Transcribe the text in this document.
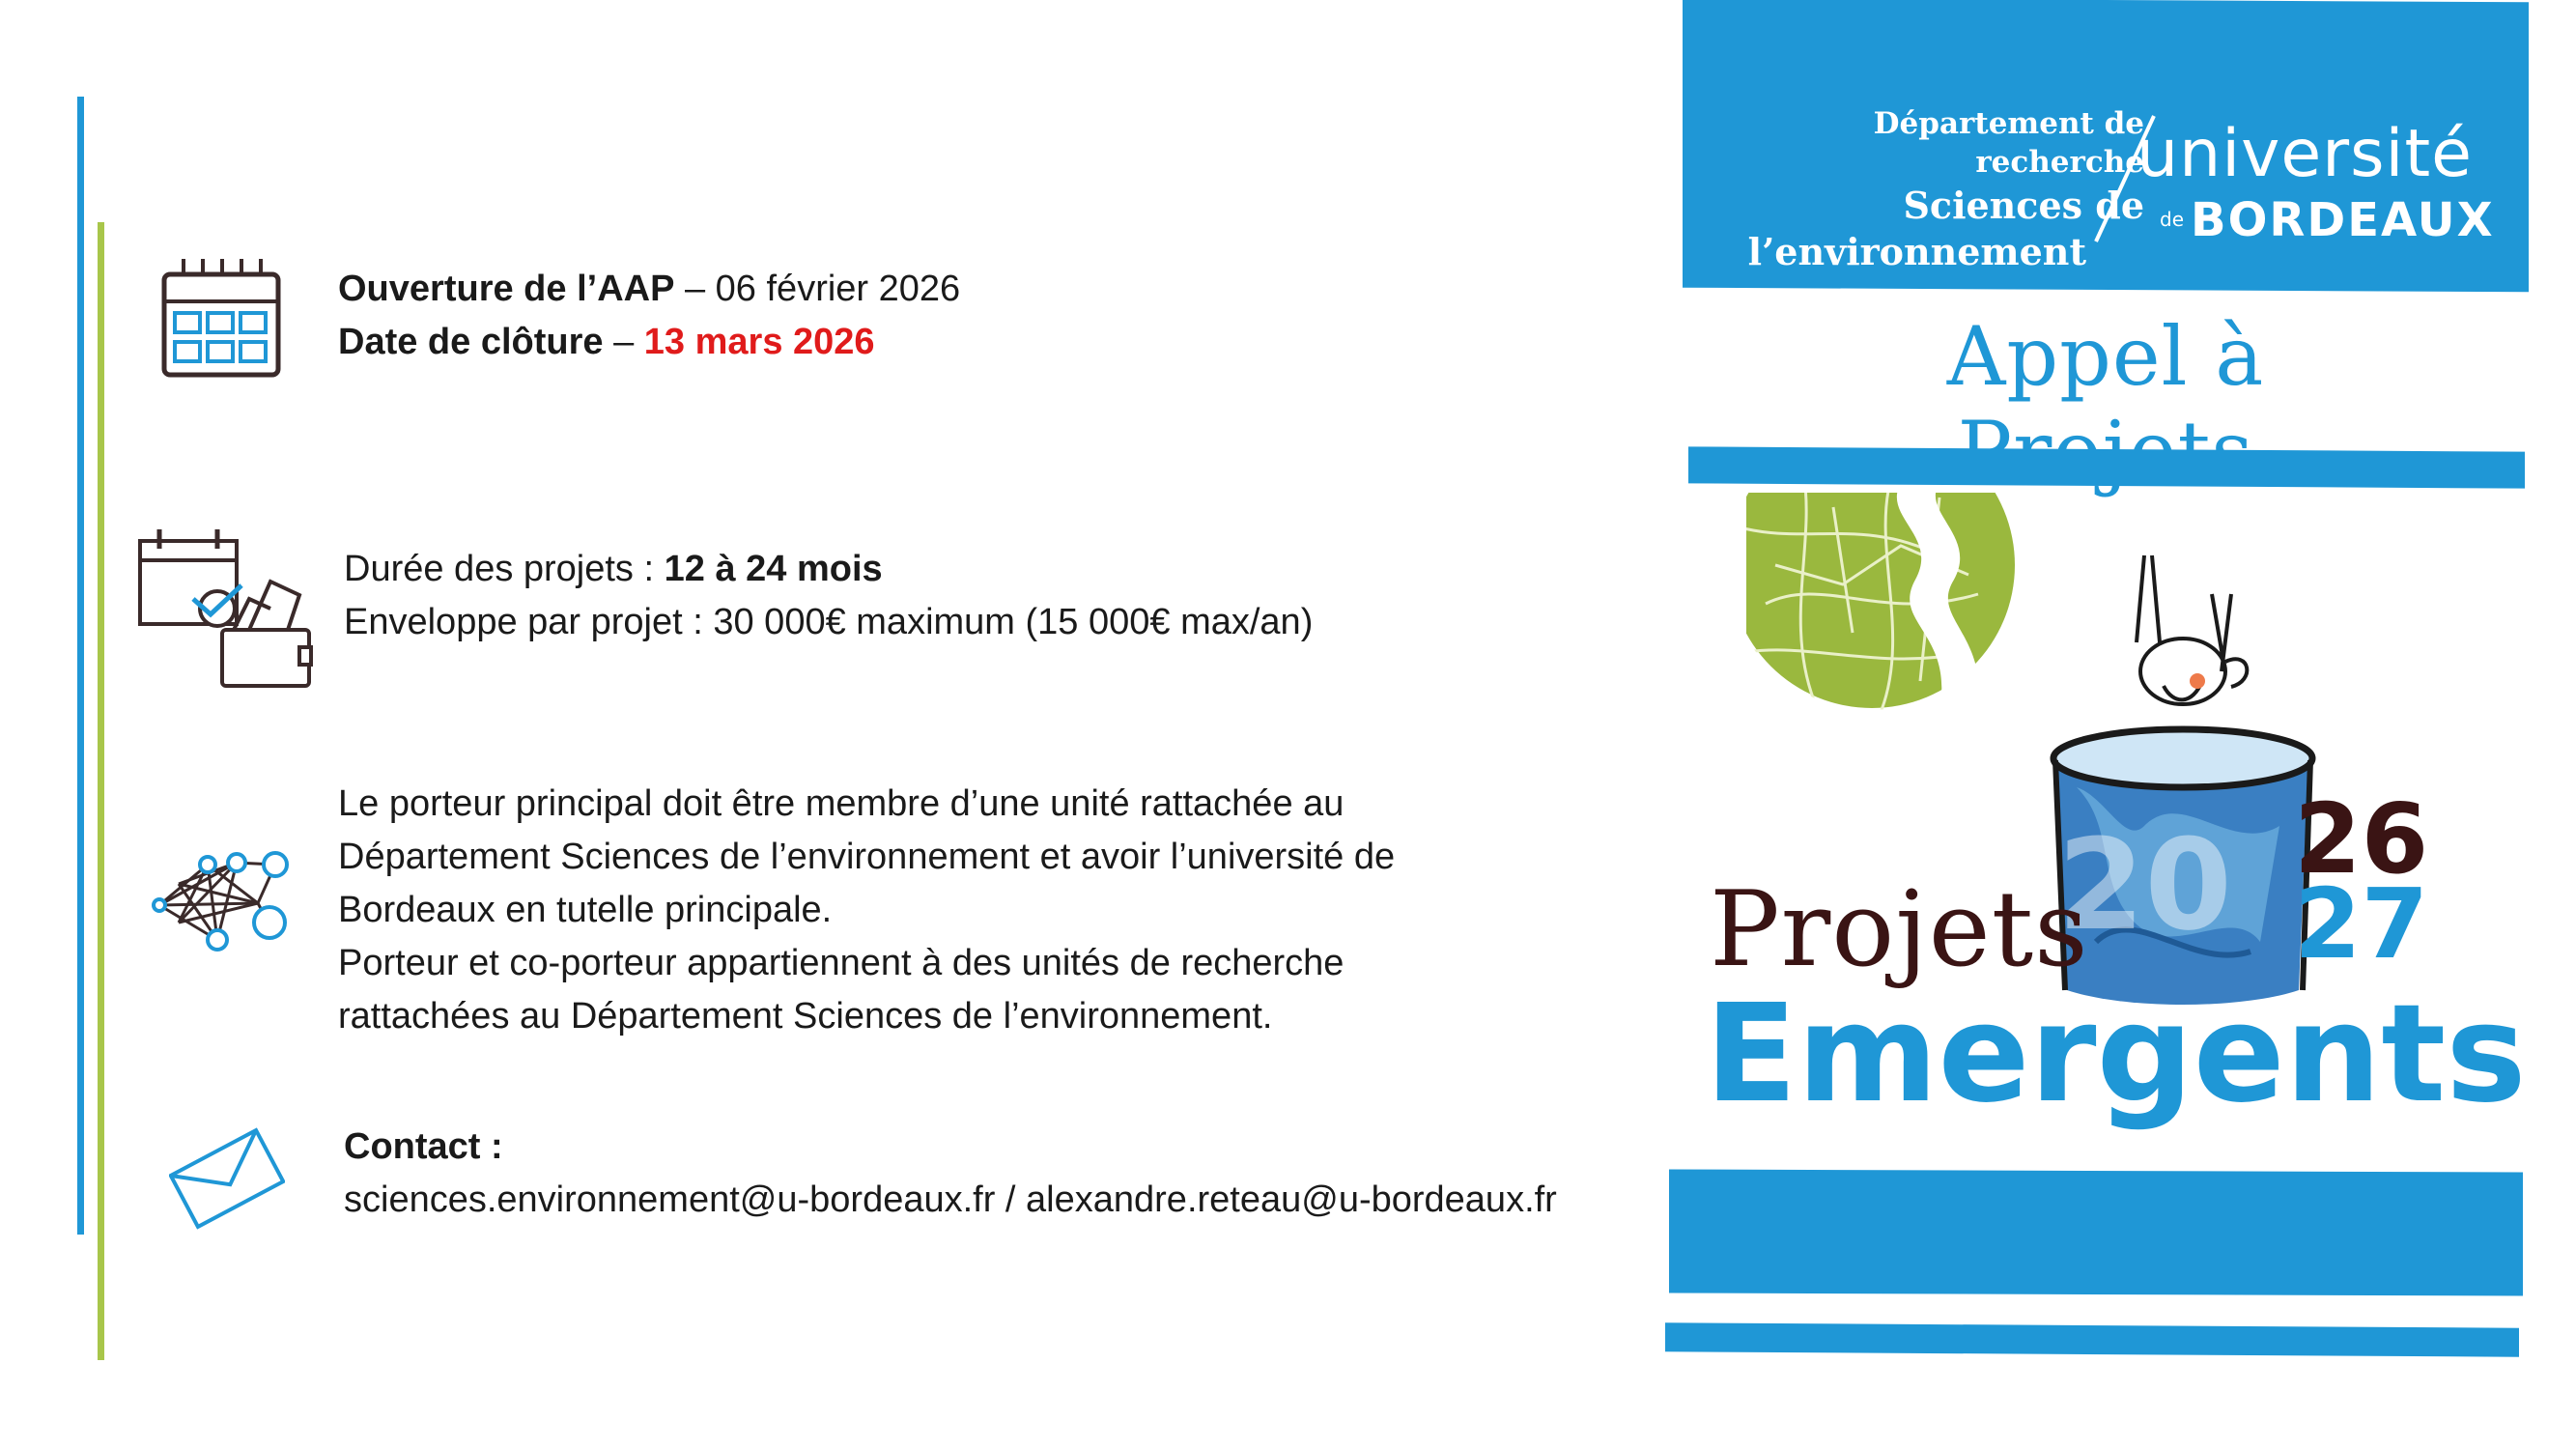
Ouverture de l’AAP – 06 février 2026
Date de clôture – 13 mars 2026
Durée des projets : 12 à 24 mois
Enveloppe par projet : 30 000€ maximum (15 000€ max/an)
Le porteur principal doit être membre d’une unité rattachée au
Département Sciences de l’environnement et avoir l’université de
Bordeaux en tutelle principale.
Porteur et co-porteur appartiennent à des unités de recherche
rattachées au Département Sciences de l’environnement.
Contact :
sciences.environnement@u-bordeaux.fr / alexandre.reteau@u-bordeaux.fr
Département de recherche
Sciences de
l’environnement
université
de BORDEAUX
Appel à
20 26
27
Projets
Emergents
